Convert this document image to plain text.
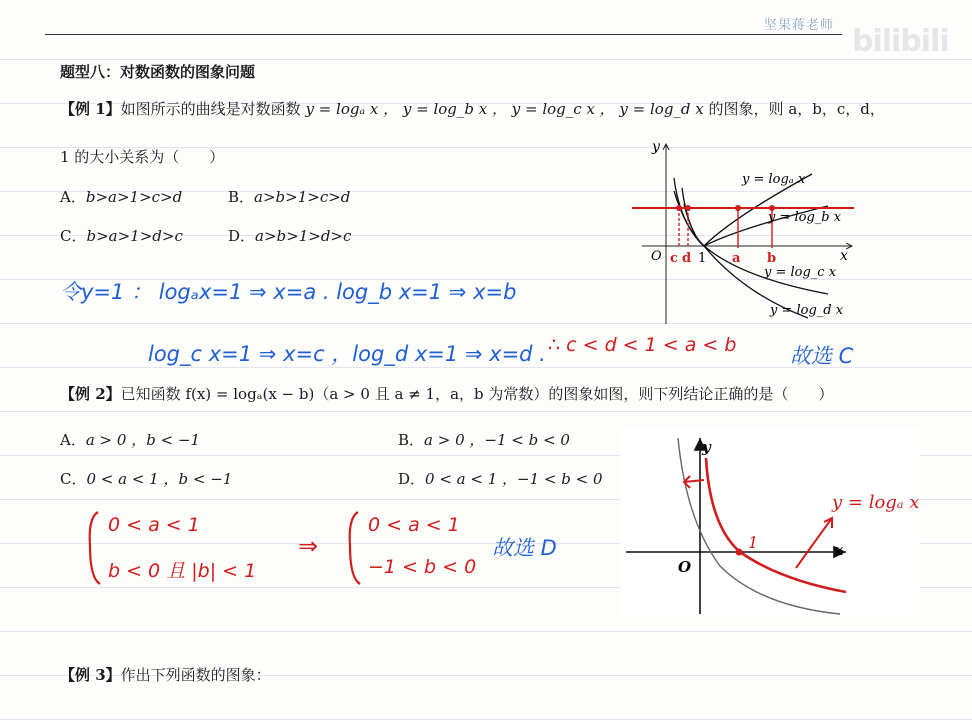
坚果蒋老师 bilibili
题型八：对数函数的图象问题
【例 1】如图所示的曲线是对数函数 y = logₐ x ， y = log_b x ， y = log_c x ， y = log_d x 的图象，则 a，b，c，d，
1 的大小关系为（　　）
A．b>a>1>c>d	B．a>b>1>c>d
C．b>a>1>d>c	D．a>b>1>d>c
令y=1 ： logₐx=1 ⇒ x=a . log_b x=1 ⇒ x=b
log_c x=1 ⇒ x=c ，log_d x=1 ⇒ x=d . ∴ c < d < 1 < a < b	故选 C
y
x
O c d 1 a b
y = logₐ x
y = log_b x
y = log_c x
y = log_d x
【例 2】已知函数 f(x) = logₐ(x − b)（a > 0 且 a ≠ 1，a，b 为常数）的图象如图，则下列结论正确的是（　　）
A．a > 0 ，b < −1	B．a > 0 ，−1 < b < 0
C．0 < a < 1 ，b < −1	D．0 < a < 1 ，−1 < b < 0
0 < a < 1
b < 0 且 |b| < 1
⇒
0 < a < 1
−1 < b < 0
故选 D
y
x
O
1
y = logₐ x
【例 3】作出下列函数的图象：
